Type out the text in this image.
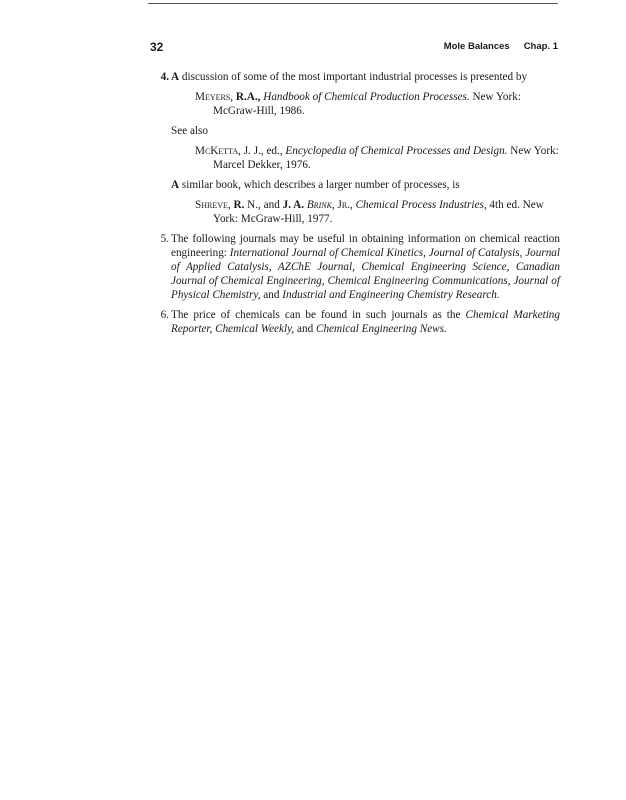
32	Mole Balances Chap. 1
4. A discussion of some of the most important industrial processes is presented by
Meyers, R.A., Handbook of Chemical Production Processes. New York: McGraw-Hill, 1986.
See also
McKetta, J. J., ed., Encyclopedia of Chemical Processes and Design. New York: Marcel Dekker, 1976.
A similar book, which describes a larger number of processes, is
Shreve, R. N., and J. A. Brink, Jr., Chemical Process Industries, 4th ed. New York: McGraw-Hill, 1977.
5. The following journals may be useful in obtaining information on chemical reaction engineering: International Journal of Chemical Kinetics, Journal of Catalysis, Journal of Applied Catalysis, AZChE Journal, Chemical Engineering Science, Canadian Journal of Chemical Engineering, Chemical Engineering Communications, Journal of Physical Chemistry, and Industrial and Engineering Chemistry Research.
6. The price of chemicals can be found in such journals as the Chemical Marketing Reporter, Chemical Weekly, and Chemical Engineering News.
